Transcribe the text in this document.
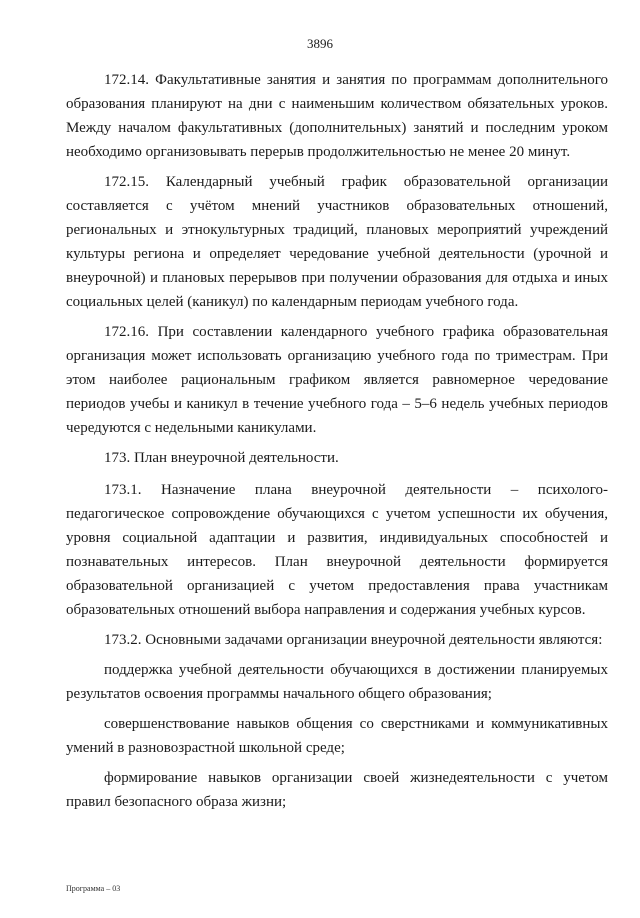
3896

172.14. Факультативные занятия и занятия по программам дополнительного образования планируют на дни с наименьшим количеством обязательных уроков. Между началом факультативных (дополнительных) занятий и последним уроком необходимо организовывать перерыв продолжительностью не менее 20 минут.

172.15. Календарный учебный график образовательной организации составляется с учётом мнений участников образовательных отношений, региональных и этнокультурных традиций, плановых мероприятий учреждений культуры региона и определяет чередование учебной деятельности (урочной и внеурочной) и плановых перерывов при получении образования для отдыха и иных социальных целей (каникул) по календарным периодам учебного года.

172.16. При составлении календарного учебного графика образовательная организация может использовать организацию учебного года по триместрам. При этом наиболее рациональным графиком является равномерное чередование периодов учебы и каникул в течение учебного года – 5–6 недель учебных периодов чередуются с недельными каникулами.

173. План внеурочной деятельности.

173.1. Назначение плана внеурочной деятельности – психолого-педагогическое сопровождение обучающихся с учетом успешности их обучения, уровня социальной адаптации и развития, индивидуальных способностей и познавательных интересов. План внеурочной деятельности формируется образовательной организацией с учетом предоставления права участникам образовательных отношений выбора направления и содержания учебных курсов.

173.2. Основными задачами организации внеурочной деятельности являются:

поддержка учебной деятельности обучающихся в достижении планируемых результатов освоения программы начального общего образования;

совершенствование навыков общения со сверстниками и коммуникативных умений в разновозрастной школьной среде;

формирование навыков организации своей жизнедеятельности с учетом правил безопасного образа жизни;

Программа – 03
